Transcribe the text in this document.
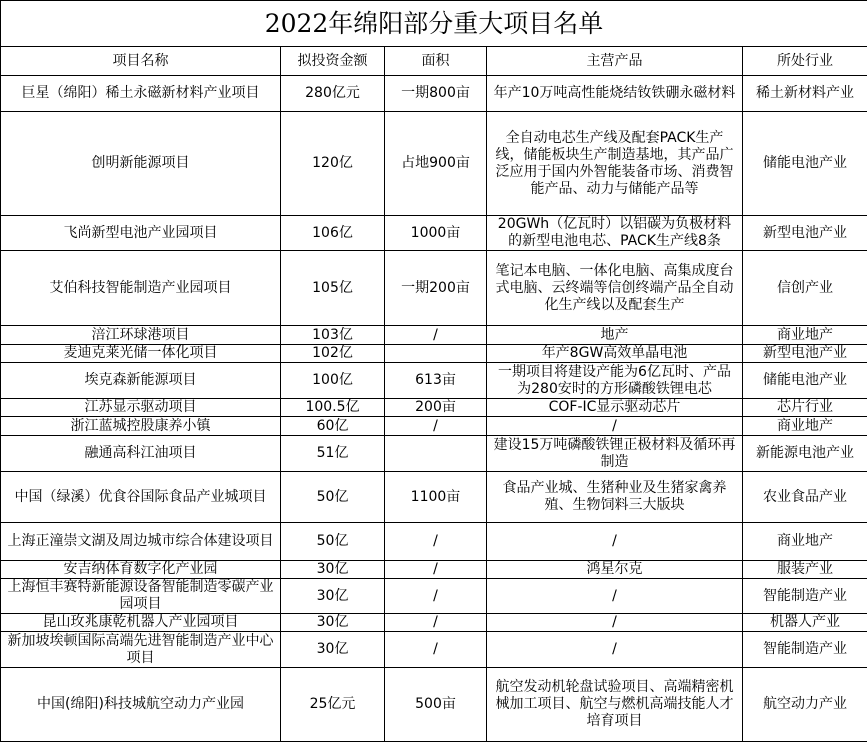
2022年绵阳部分重大项目名单				
项目名称	拟投资金额	面积	主营产品	所处行业
巨星（绵阳）稀土永磁新材料产业项目	280亿元	一期800亩	年产10万吨高性能烧结钕铁硼永磁材料	稀土新材料产业
创明新能源项目	120亿	占地900亩	全自动电芯生产线及配套PACK生产线，储能板块生产制造基地，其产品广泛应用于国内外智能装备市场、消费智能产品、动力与储能产品等	储能电池产业
飞尚新型电池产业园项目	106亿	1000亩	20GWh（亿瓦时）以铝碳为负极材料的新型电池电芯、PACK生产线8条	新型电池产业
艾伯科技智能制造产业园项目	105亿	一期200亩	笔记本电脑、一体化电脑、高集成度台式电脑、云终端等信创终端产品全自动化生产线以及配套生产	信创产业
涪江环球港项目	103亿	/	地产	商业地产
麦迪克莱光储一体化项目	102亿		年产8GW高效单晶电池	新型电池产业
埃克森新能源项目	100亿	613亩	一期项目将建设产能为6亿瓦时、产品为280安时的方形磷酸铁锂电芯	储能电池产业
江苏显示驱动项目	100.5亿	200亩	COF-IC显示驱动芯片	芯片行业
浙江蓝城控股康养小镇	60亿	/	/	商业地产
融通高科江油项目	51亿		建设15万吨磷酸铁锂正极材料及循环再制造	新能源电池产业
中国（绿溪）优食谷国际食品产业城项目	50亿	1100亩	食品产业城、生猪种业及生猪家禽养殖、生物饲料三大版块	农业食品产业
上海正潼崇文湖及周边城市综合体建设项目	50亿	/	/	商业地产
安吉纳体育数字化产业园	30亿	/	鸿星尔克	服装产业
上海恒丰赛特新能源设备智能制造零碳产业园项目	30亿	/	/	智能制造产业
昆山玫兆康乾机器人产业园项目	30亿	/	/	机器人产业
新加坡埃顿国际高端先进智能制造产业中心项目	30亿	/	/	智能制造产业
中国(绵阳)科技城航空动力产业园	25亿元	500亩	航空发动机轮盘试验项目、高端精密机械加工项目、航空与燃机高端技能人才培育项目	航空动力产业
